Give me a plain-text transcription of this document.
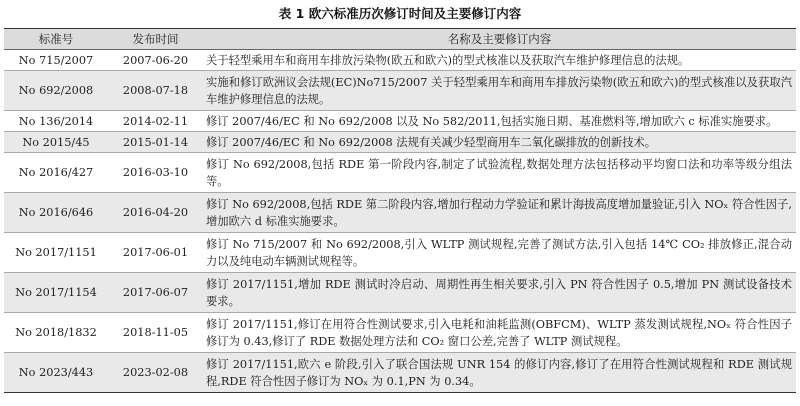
表 1 欧六标准历次修订时间及主要修订内容
标准号	发布时间	名称及主要修订内容
No 715/2007	2007-06-20	关于轻型乘用车和商用车排放污染物(欧五和欧六)的型式核准以及获取汽车维护修理信息的法规。
No 692/2008	2008-07-18	实施和修订欧洲议会法规(EC)No715/2007 关于轻型乘用车和商用车排放污染物(欧五和欧六)的型式核准以及获取汽车维护修理信息的法规。
No 136/2014	2014-02-11	修订 2007/46/EC 和 No 692/2008 以及 No 582/2011,包括实施日期、基准燃料等,增加欧六 c 标准实施要求。
No 2015/45	2015-01-14	修订 2007/46/EC 和 No 692/2008 法规有关减少轻型商用车二氧化碳排放的创新技术。
No 2016/427	2016-03-10	修订 No 692/2008,包括 RDE 第一阶段内容,制定了试验流程,数据处理方法包括移动平均窗口法和功率等级分组法等。
No 2016/646	2016-04-20	修订 No 692/2008,包括 RDE 第二阶段内容,增加行程动力学验证和累计海拔高度增加量验证,引入 NOₓ 符合性因子,增加欧六 d 标准实施要求。
No 2017/1151	2017-06-01	修订 No 715/2007 和 No 692/2008,引入 WLTP 测试规程,完善了测试方法,引入包括 14℃ CO₂ 排放修正,混合动力以及纯电动车辆测试规程等。
No 2017/1154	2017-06-07	修订 2017/1151,增加 RDE 测试时冷启动、周期性再生相关要求,引入 PN 符合性因子 0.5,增加 PN 测试设备技术要求。
No 2018/1832	2018-11-05	修订 2017/1151,修订在用符合性测试要求,引入电耗和油耗监测(OBFCM)、WLTP 蒸发测试规程,NOₓ 符合性因子修订为 0.43,修订了 RDE 数据处理方法和 CO₂ 窗口公差,完善了 WLTP 测试规程。
No 2023/443	2023-02-08	修订 2017/1151,欧六 e 阶段,引入了联合国法规 UNR 154 的修订内容,修订了在用符合性测试规程和 RDE 测试规程,RDE 符合性因子修订为 NOₓ 为 0.1,PN 为 0.34。
